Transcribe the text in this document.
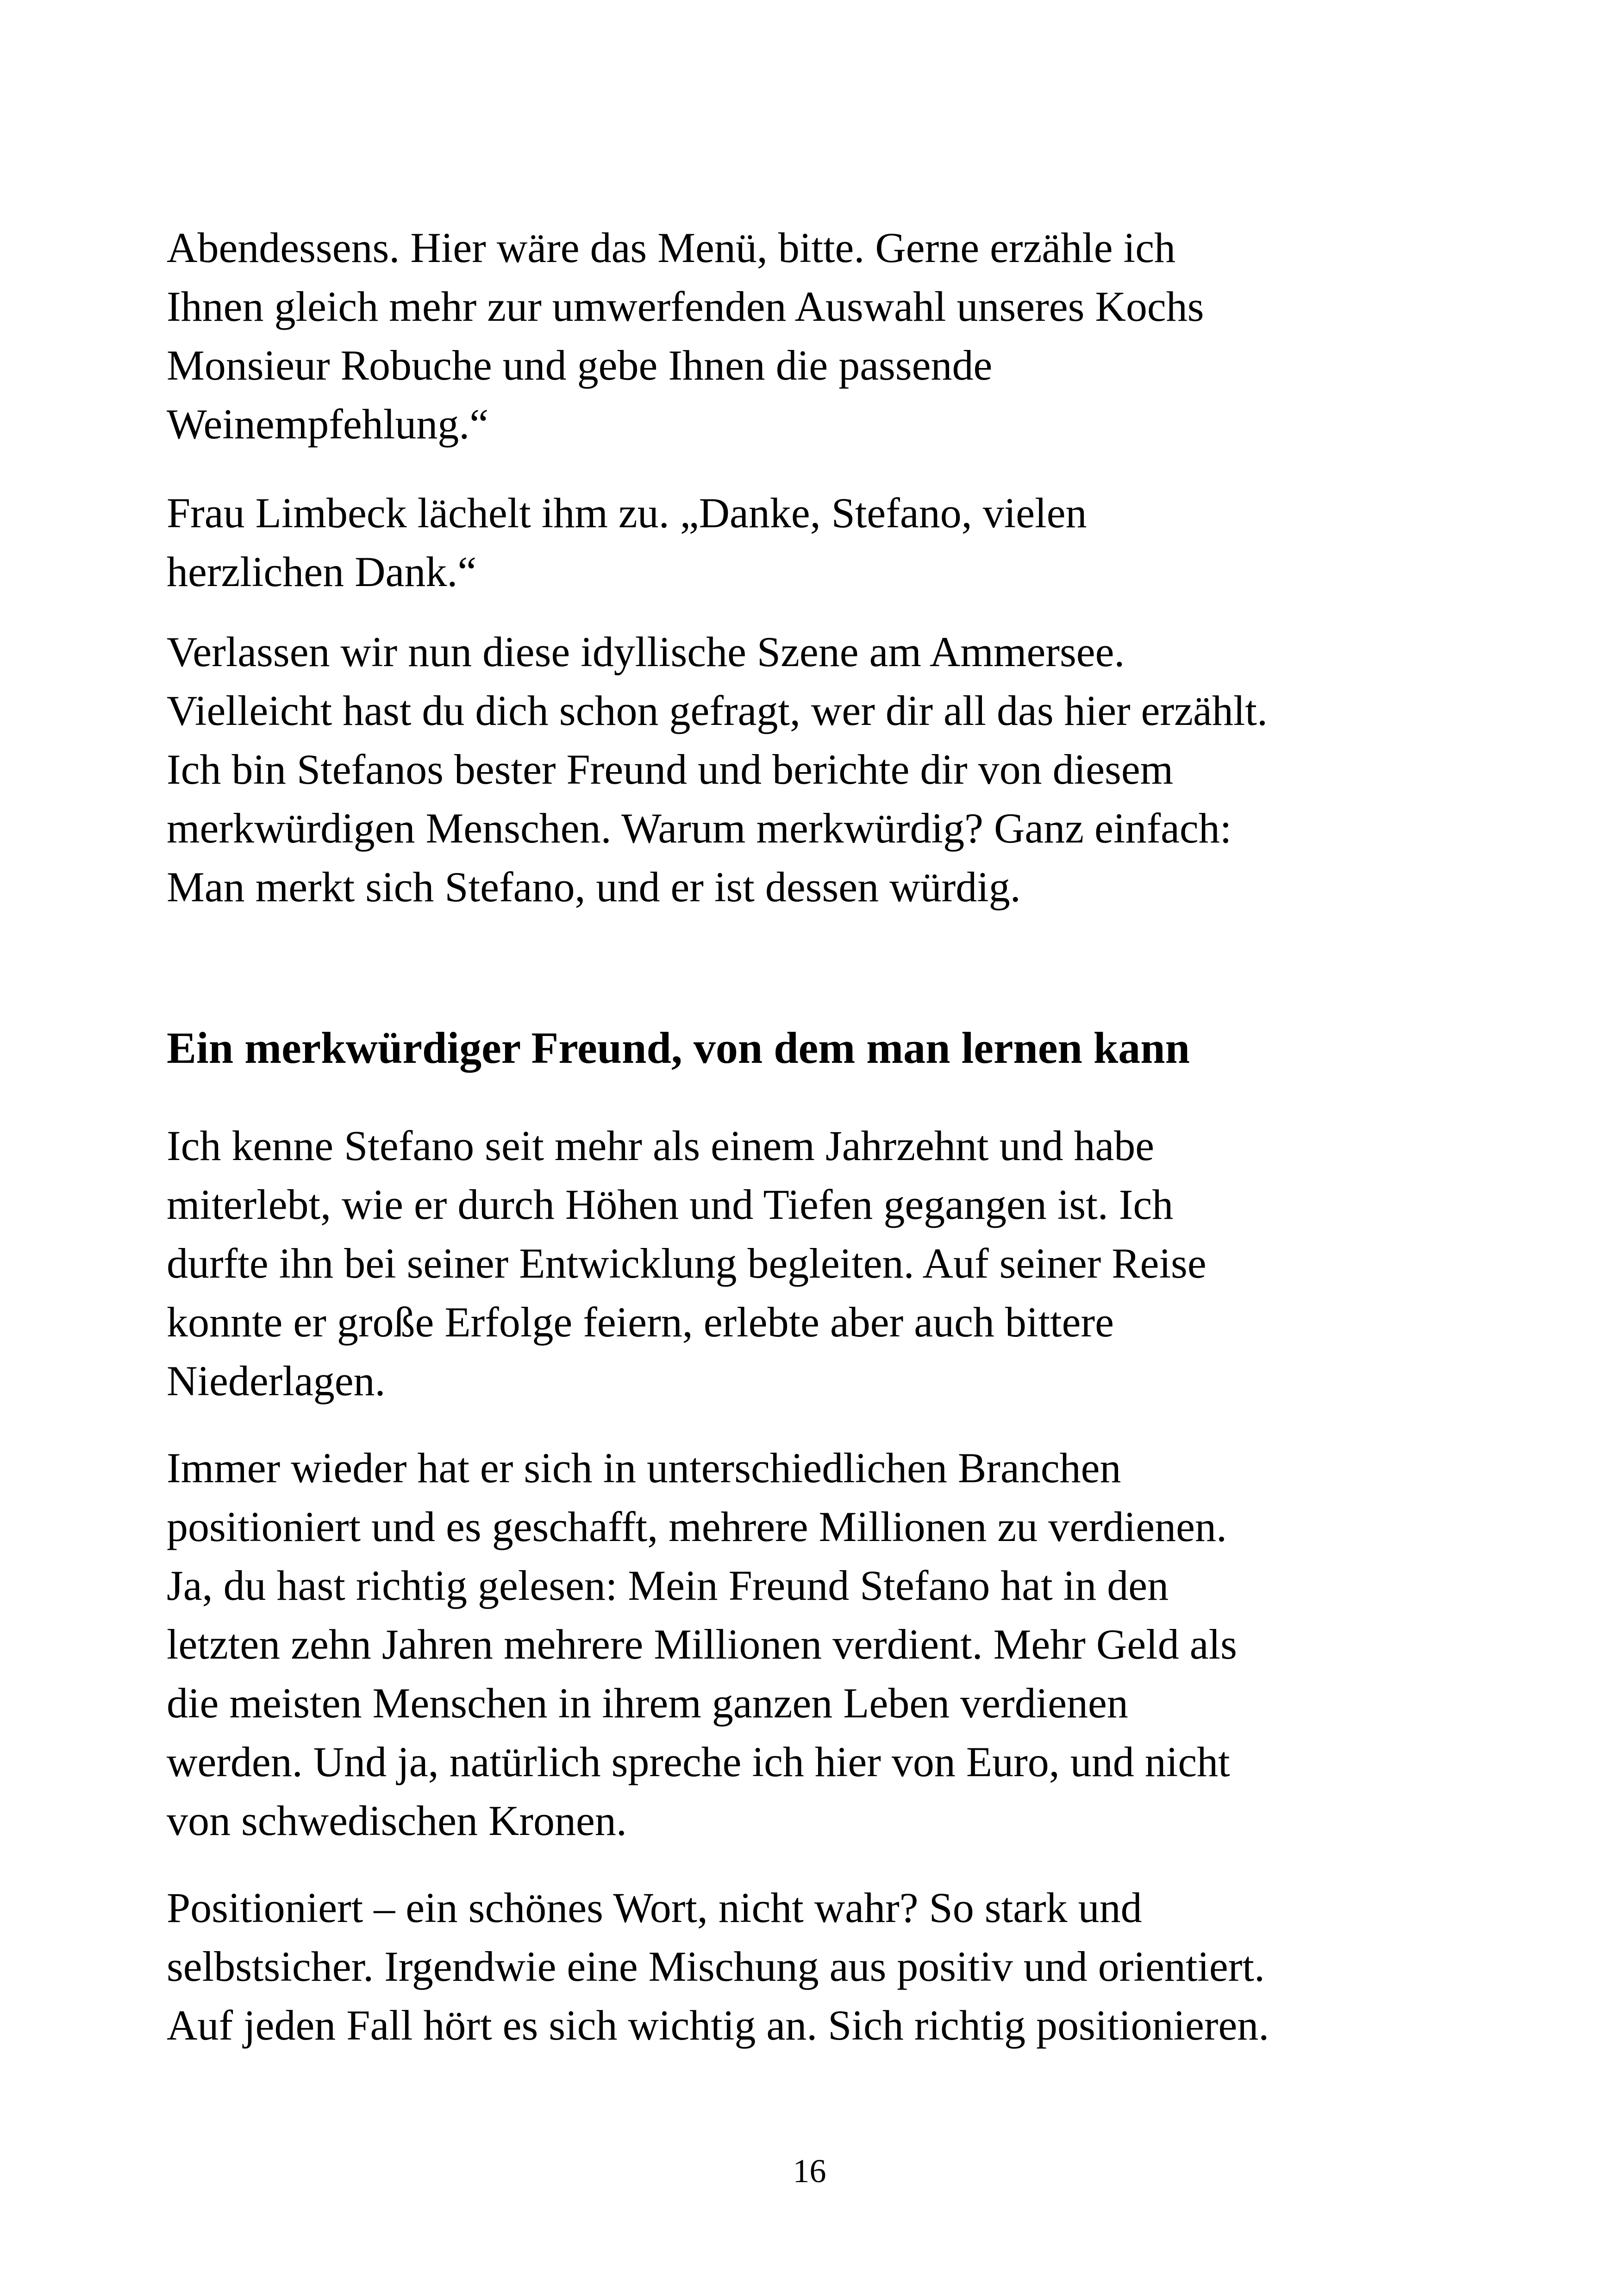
Abendessens. Hier wäre das Menü, bitte. Gerne erzähle ich
Ihnen gleich mehr zur umwerfenden Auswahl unseres Kochs
Monsieur Robuche und gebe Ihnen die passende
Weinempfehlung.“
Frau Limbeck lächelt ihm zu. „Danke, Stefano, vielen
herzlichen Dank.“
Verlassen wir nun diese idyllische Szene am Ammersee.
Vielleicht hast du dich schon gefragt, wer dir all das hier erzählt.
Ich bin Stefanos bester Freund und berichte dir von diesem
merkwürdigen Menschen. Warum merkwürdig? Ganz einfach:
Man merkt sich Stefano, und er ist dessen würdig.
Ein merkwürdiger Freund, von dem man lernen kann
Ich kenne Stefano seit mehr als einem Jahrzehnt und habe
miterlebt, wie er durch Höhen und Tiefen gegangen ist. Ich
durfte ihn bei seiner Entwicklung begleiten. Auf seiner Reise
konnte er große Erfolge feiern, erlebte aber auch bittere
Niederlagen.
Immer wieder hat er sich in unterschiedlichen Branchen
positioniert und es geschafft, mehrere Millionen zu verdienen.
Ja, du hast richtig gelesen: Mein Freund Stefano hat in den
letzten zehn Jahren mehrere Millionen verdient. Mehr Geld als
die meisten Menschen in ihrem ganzen Leben verdienen
werden. Und ja, natürlich spreche ich hier von Euro, und nicht
von schwedischen Kronen.
Positioniert – ein schönes Wort, nicht wahr? So stark und
selbstsicher. Irgendwie eine Mischung aus positiv und orientiert.
Auf jeden Fall hört es sich wichtig an. Sich richtig positionieren.
16
